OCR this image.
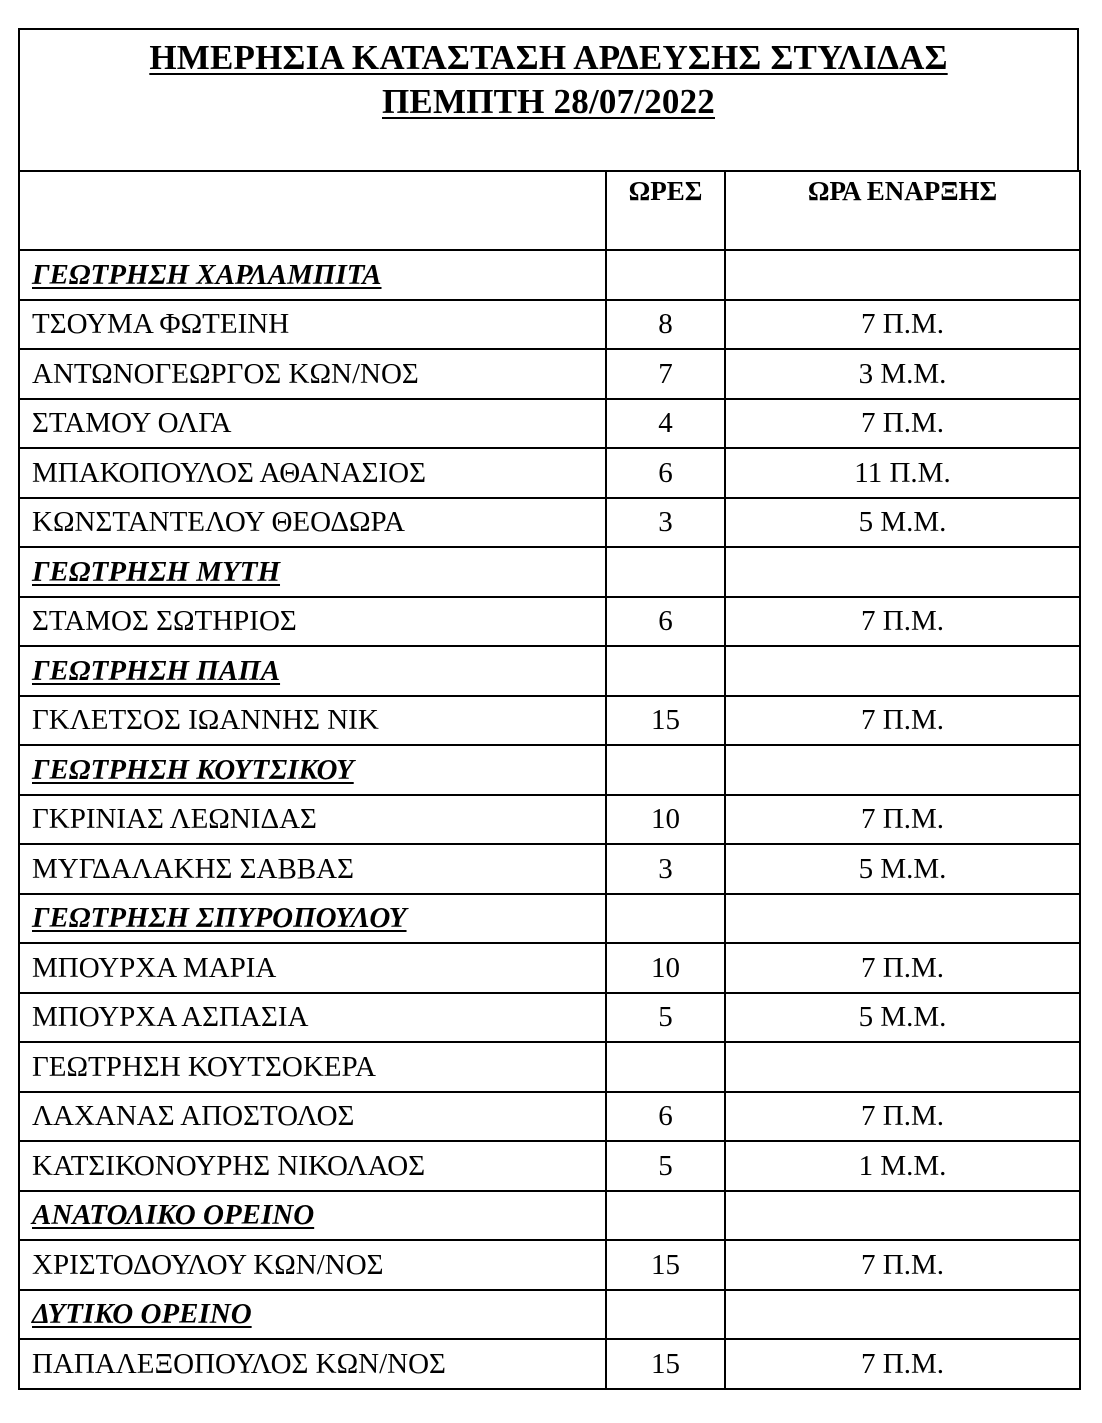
ΗΜΕΡΗΣΙΑ ΚΑΤΑΣΤΑΣΗ ΑΡΔΕΥΣΗΣ ΣΤΥΛΙΔΑΣ
ΠΕΜΠΤΗ 28/07/2022
	ΩΡΕΣ	ΩΡΑ ΕΝΑΡΞΗΣ
ΓΕΩΤΡΗΣΗ ΧΑΡΛΑΜΠΙΤΑ		
ΤΣΟΥΜΑ ΦΩΤΕΙΝΗ	8	7 Π.Μ.
ΑΝΤΩΝΟΓΕΩΡΓΟΣ ΚΩΝ/ΝΟΣ	7	3 Μ.Μ.
ΣΤΑΜΟΥ ΟΛΓΑ	4	7 Π.Μ.
ΜΠΑΚΟΠΟΥΛΟΣ ΑΘΑΝΑΣΙΟΣ	6	11 Π.Μ.
ΚΩΝΣΤΑΝΤΕΛΟΥ ΘΕΟΔΩΡΑ	3	5 Μ.Μ.
ΓΕΩΤΡΗΣΗ ΜΥΤΗ		
ΣΤΑΜΟΣ ΣΩΤΗΡΙΟΣ	6	7 Π.Μ.
ΓΕΩΤΡΗΣΗ ΠΑΠΑ		
ΓΚΛΕΤΣΟΣ ΙΩΑΝΝΗΣ ΝΙΚ	15	7 Π.Μ.
ΓΕΩΤΡΗΣΗ ΚΟΥΤΣΙΚΟΥ		
ΓΚΡΙΝΙΑΣ ΛΕΩΝΙΔΑΣ	10	7 Π.Μ.
ΜΥΓΔΑΛΑΚΗΣ ΣΑΒΒΑΣ	3	5 Μ.Μ.
ΓΕΩΤΡΗΣΗ ΣΠΥΡΟΠΟΥΛΟΥ		
ΜΠΟΥΡΧΑ ΜΑΡΙΑ	10	7 Π.Μ.
ΜΠΟΥΡΧΑ ΑΣΠΑΣΙΑ	5	5 Μ.Μ.
ΓΕΩΤΡΗΣΗ ΚΟΥΤΣΟΚΕΡΑ		
ΛΑΧΑΝΑΣ ΑΠΟΣΤΟΛΟΣ	6	7 Π.Μ.
ΚΑΤΣΙΚΟΝΟΥΡΗΣ ΝΙΚΟΛΑΟΣ	5	1 Μ.Μ.
ΑΝΑΤΟΛΙΚΟ ΟΡΕΙΝΟ		
ΧΡΙΣΤΟΔΟΥΛΟΥ ΚΩΝ/ΝΟΣ	15	7 Π.Μ.
ΔΥΤΙΚΟ ΟΡΕΙΝΟ		
ΠΑΠΑΛΕΞΟΠΟΥΛΟΣ ΚΩΝ/ΝΟΣ	15	7 Π.Μ.
